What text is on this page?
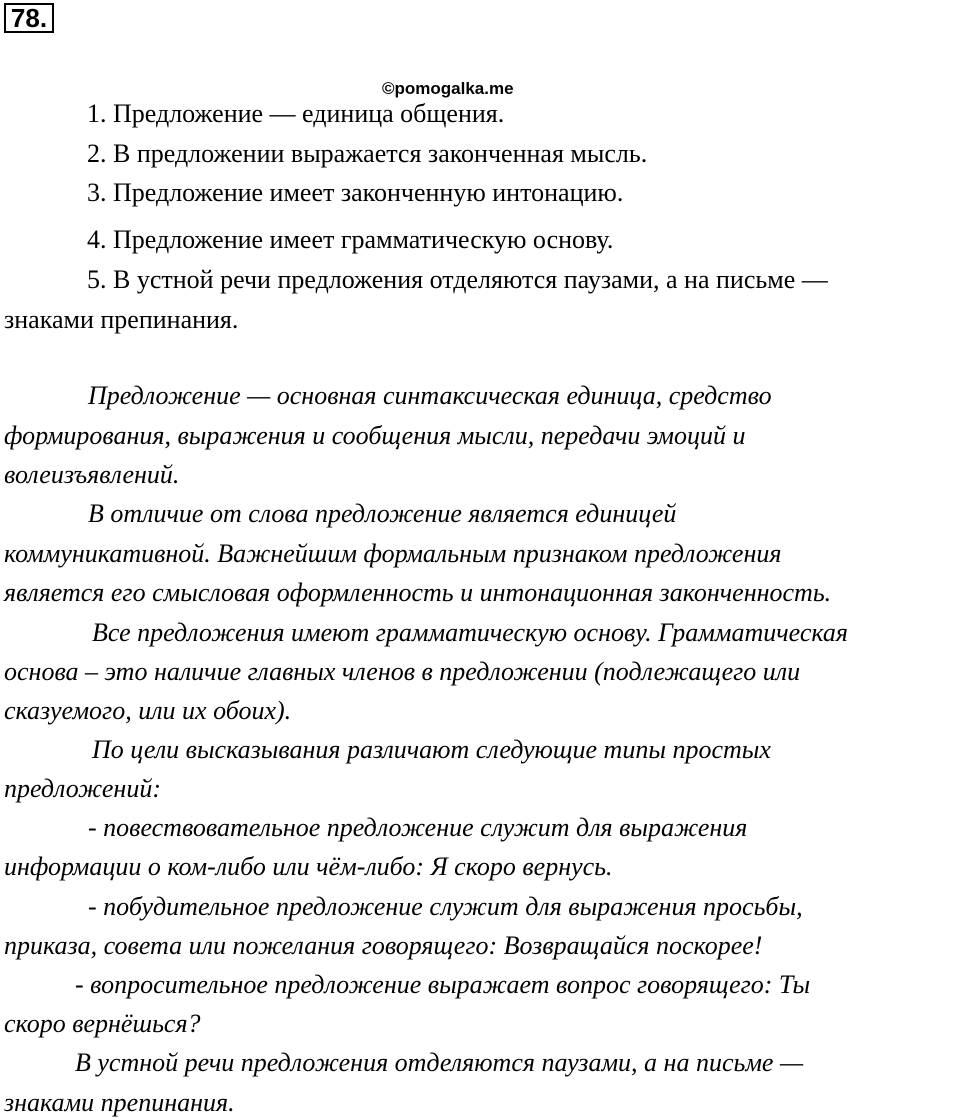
78.
©pomogalka.me
1. Предложение — единица общения.
2. В предложении выражается законченная мысль.
3. Предложение имеет законченную интонацию.
4. Предложение имеет грамматическую основу.
5. В устной речи предложения отделяются паузами, а на письме —
знаками препинания.
Предложение — основная синтаксическая единица, средство
формирования, выражения и сообщения мысли, передачи эмоций и
волеизъявлений.
В отличие от слова предложение является единицей
коммуникативной. Важнейшим формальным признаком предложения
является его смысловая оформленность и интонационная законченность.
Все предложения имеют грамматическую основу. Грамматическая
основа – это наличие главных членов в предложении (подлежащего или
сказуемого, или их обоих).
По цели высказывания различают следующие типы простых
предложений:
- повествовательное предложение служит для выражения
информации о ком-либо или чём-либо: Я скоро вернусь.
- побудительное предложение служит для выражения просьбы,
приказа, совета или пожелания говорящего: Возвращайся поскорее!
- вопросительное предложение выражает вопрос говорящего: Ты
скоро вернёшься?
В устной речи предложения отделяются паузами, а на письме —
знаками препинания.
